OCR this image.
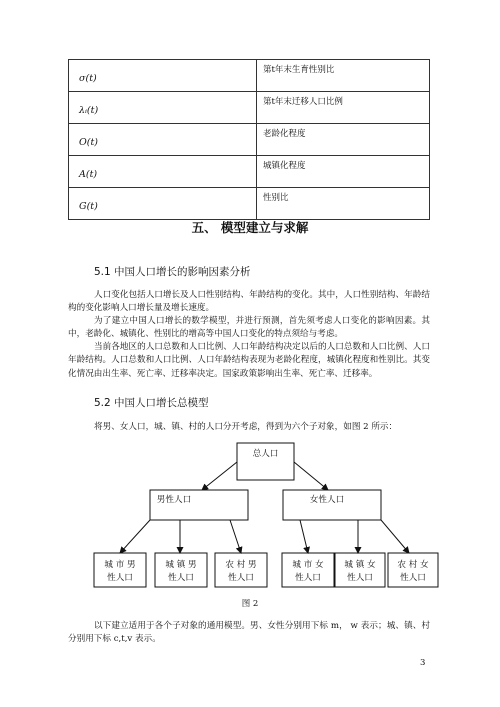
σ(t)	第t年末生育性别比
λᵢ(t)	第t年末迁移人口比例
O(t)	老龄化程度
A(t)	城镇化程度
G(t)	性别比
五、 模型建立与求解
5.1 中国人口增长的影响因素分析

人口变化包括人口增长及人口性别结构、年龄结构的变化。其中，人口性别结构、年龄结构的变化影响人口增长量及增长速度。

为了建立中国人口增长的数学模型，并进行预测，首先须考虑人口变化的影响因素。其中，老龄化、城镇化、性别比的增高等中国人口变化的特点须给与考虑。

当前各地区的人口总数和人口比例、人口年龄结构决定以后的人口总数和人口比例、人口年龄结构。人口总数和人口比例、人口年龄结构表现为老龄化程度，城镇化程度和性别比。其变化情况由出生率、死亡率、迁移率决定。国家政策影响出生率、死亡率、迁移率。

5.2 中国人口增长总模型

将男、女人口，城、镇、村的人口分开考虑，得到为六个子对象，如图 2 所示：

总人口
男性人口	女性人口
城 市 男
性人口
城 镇 男
性人口
农 村 男
性人口
城 市 女
性人口
城 镇 女
性人口
农 村 女
性人口
图 2

以下建立适用于各个子对象的通用模型。男、女性分别用下标 m， w 表示；城、镇、村分别用下标 c,t,v 表示。

3
